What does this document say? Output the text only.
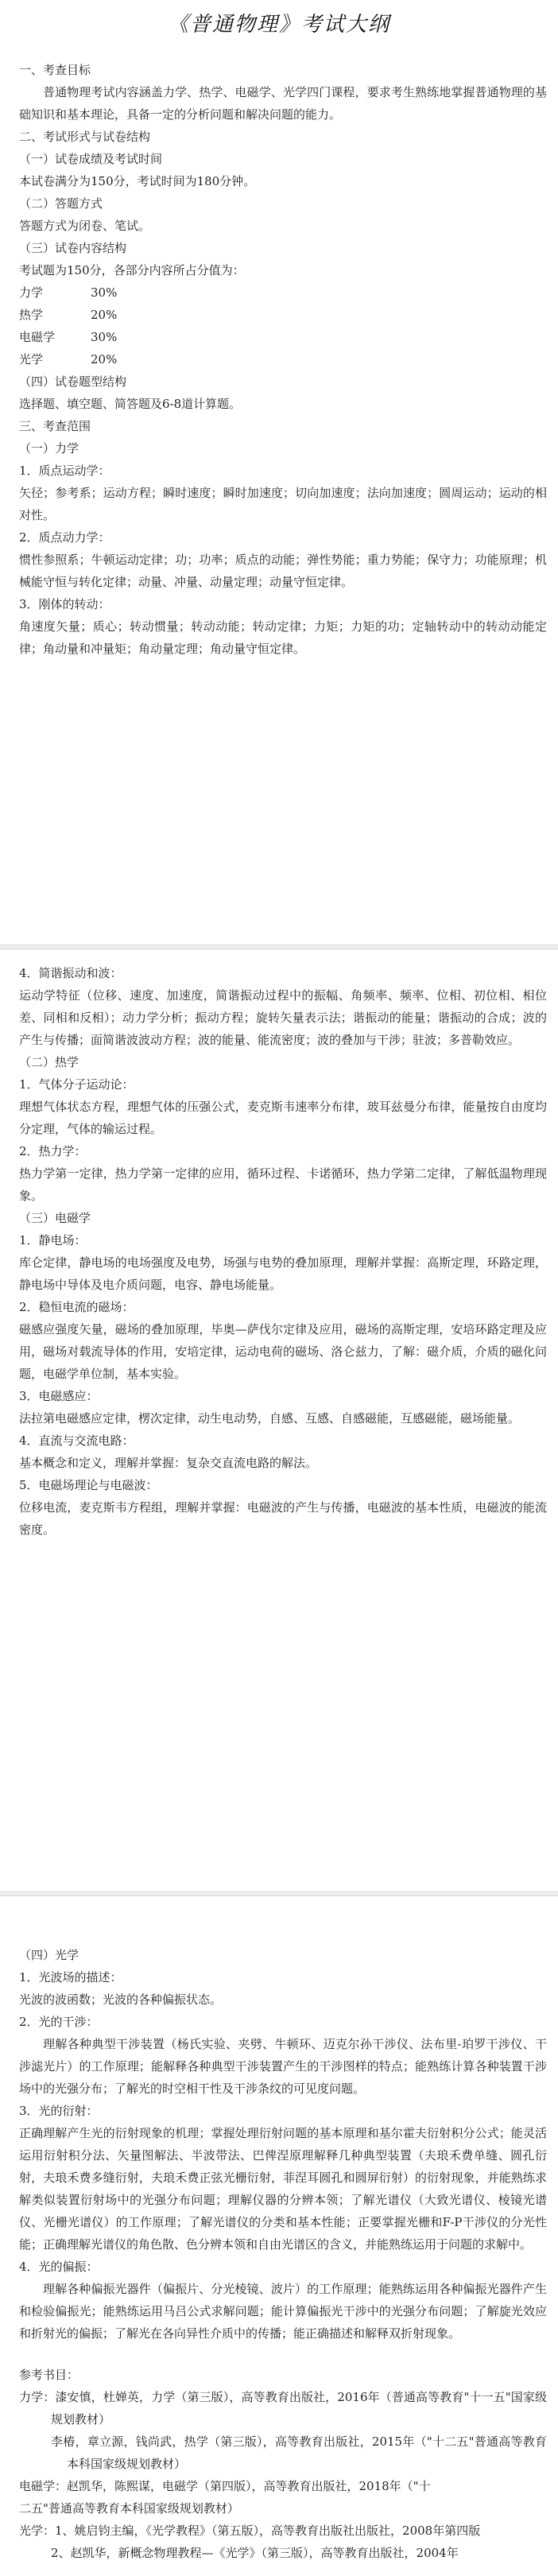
《普通物理》考试大纲

一、考查目标

普通物理考试内容涵盖力学、热学、电磁学、光学四门课程，要求考生熟练地掌握普通物理的基础知识和基本理论，具备一定的分析问题和解决问题的能力。

二、考试形式与试卷结构

（一）试卷成绩及考试时间

本试卷满分为150分，考试时间为180分钟。

（二）答题方式

答题方式为闭卷、笔试。

（三）试卷内容结构

考试题为150分，各部分内容所占分值为：

力学	30%

热学	20%

电磁学	30%

光学	20%

（四）试卷题型结构

选择题、填空题、简答题及6-8道计算题。

三、考查范围

（一）力学

1．质点运动学：

矢径；参考系；运动方程；瞬时速度；瞬时加速度；切向加速度；法向加速度；圆周运动；运动的相对性。

2．质点动力学：

惯性参照系；牛顿运动定律；功；功率；质点的动能；弹性势能；重力势能；保守力；功能原理；机械能守恒与转化定律；动量、冲量、动量定理；动量守恒定律。

3．刚体的转动：

角速度矢量；质心；转动惯量；转动动能；转动定律；力矩；力矩的功；定轴转动中的转动动能定律；角动量和冲量矩；角动量定理；角动量守恒定律。

4．简谐振动和波：

运动学特征（位移、速度、加速度，简谐振动过程中的振幅、角频率、频率、位相、初位相、相位差、同相和反相）；动力学分析；振动方程；旋转矢量表示法；谐振动的能量；谐振动的合成；波的产生与传播；面简谐波波动方程；波的能量、能流密度；波的叠加与干涉；驻波；多普勒效应。

（二）热学

1．气体分子运动论：

理想气体状态方程，理想气体的压强公式，麦克斯韦速率分布律，玻耳兹曼分布律，能量按自由度均分定理，气体的输运过程。

2．热力学：

热力学第一定律，热力学第一定律的应用，循环过程、卡诺循环，热力学第二定律，了解低温物理现象。

（三）电磁学

1．静电场：

库仑定律，静电场的电场强度及电势，场强与电势的叠加原理，理解并掌握：高斯定理，环路定理，静电场中导体及电介质问题，电容、静电场能量。

2．稳恒电流的磁场：

磁感应强度矢量，磁场的叠加原理，毕奥—萨伐尔定律及应用，磁场的高斯定理，安培环路定理及应用，磁场对载流导体的作用，安培定律，运动电荷的磁场、洛仑兹力，了解：磁介质，介质的磁化问题，电磁学单位制，基本实验。

3．电磁感应：

法拉第电磁感应定律，楞次定律，动生电动势，自感、互感、自感磁能，互感磁能，磁场能量。

4．直流与交流电路：

基本概念和定义，理解并掌握：复杂交直流电路的解法。

5．电磁场理论与电磁波：

位移电流，麦克斯韦方程组，理解并掌握：电磁波的产生与传播，电磁波的基本性质，电磁波的能流密度。

（四）光学

1．光波场的描述：

光波的波函数；光波的各种偏振状态。

2．光的干涉：

理解各种典型干涉装置（杨氏实验、夹劈、牛顿环、迈克尔孙干涉仪、法布里-珀罗干涉仪、干涉滤光片）的工作原理；能解释各种典型干涉装置产生的干涉图样的特点；能熟练计算各种装置干涉场中的光强分布；了解光的时空相干性及干涉条纹的可见度问题。

3．光的衍射：

正确理解产生光的衍射现象的机理；掌握处理衍射问题的基本原理和基尔霍夫衍射积分公式；能灵活运用衍射积分法、矢量图解法、半波带法、巴俾涅原理解释几种典型装置（夫琅禾费单缝、圆孔衍射，夫琅禾费多缝衍射，夫琅禾费正弦光栅衍射，菲涅耳圆孔和圆屏衍射）的衍射现象，并能熟练求解类似装置衍射场中的光强分布问题；理解仪器的分辨本领；了解光谱仪（大致光谱仪、棱镜光谱仪、光栅光谱仪）的工作原理；了解光谱仪的分类和基本性能；正要掌握光栅和F-P干涉仪的分光性能；正确理解光谱仪的角色散、色分辨本领和自由光谱区的含义，并能熟练运用于问题的求解中。

4．光的偏振：

理解各种偏振光器件（偏振片、分光棱镜、波片）的工作原理；能熟练运用各种偏振光器件产生和检验偏振光；能熟练运用马吕公式求解问题；能计算偏振光干涉中的光强分布问题；了解旋光效应和折射光的偏振；了解光在各向异性介质中的传播；能正确描述和解释双折射现象。

参考书目：

力学：漆安慎，杜婵英，力学（第三版），高等教育出版社，2016年（普通高等教育"十一五"国家级规划教材）

李椿，章立源，钱尚武，热学（第三版），高等教育出版社，2015年（"十二五"普通高等教育本科国家级规划教材）

电磁学：赵凯华，陈熙谋，电磁学（第四版），高等教育出版社，2018年（"十

二五"普通高等教育本科国家级规划教材）

光学：1、姚启钧主编，《光学教程》（第五版），高等教育出版社出版社，2008年第四版

2、赵凯华，新概念物理教程—《光学》（第三版），高等教育出版社，2004年
